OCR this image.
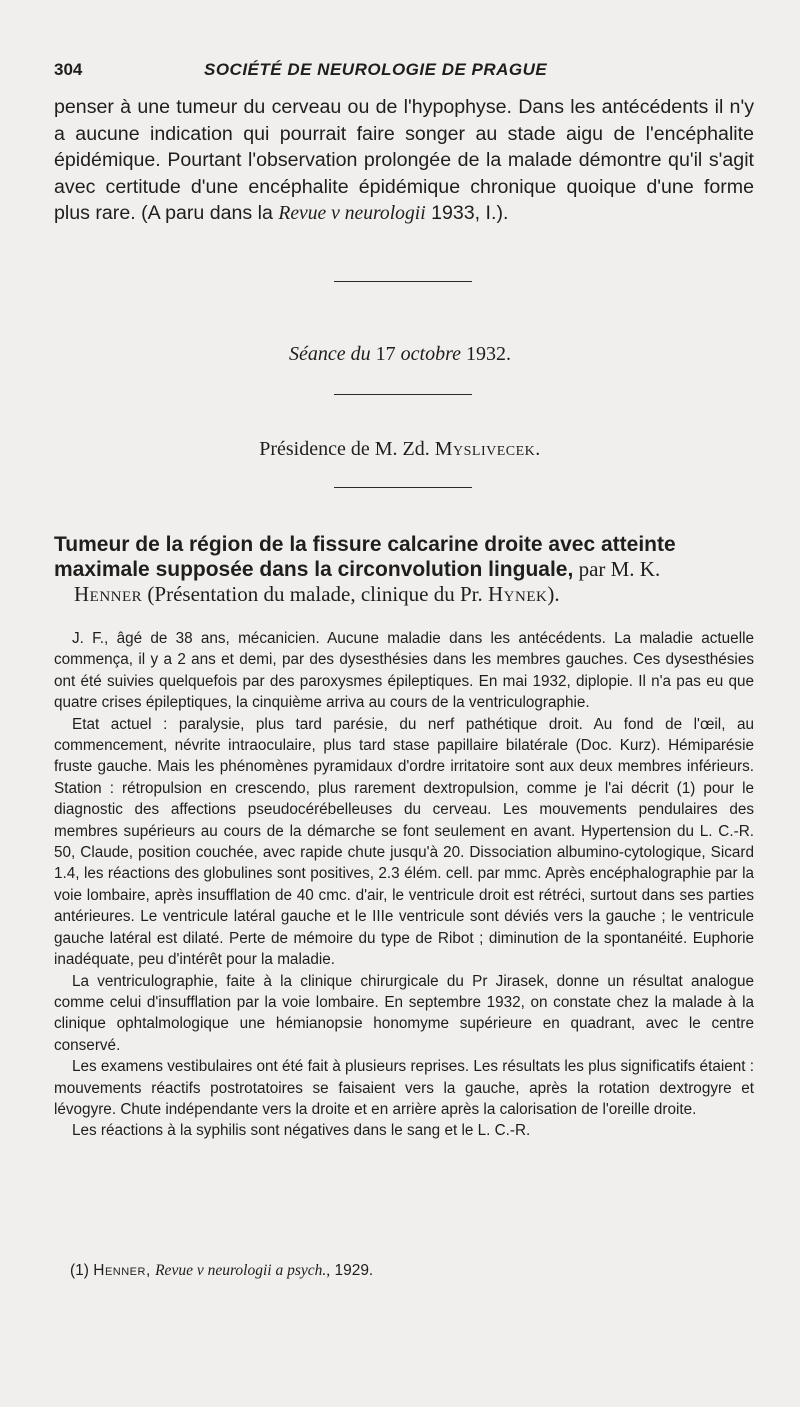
304	SOCIÉTÉ DE NEUROLOGIE DE PRAGUE

penser à une tumeur du cerveau ou de l'hypophyse. Dans les antécédents il n'y a aucune indication qui pourrait faire songer au stade aigu de l'encéphalite épidémique. Pourtant l'observation prolongée de la malade démontre qu'il s'agit avec certitude d'une encéphalite épidémique chronique quoique d'une forme plus rare. (A paru dans la Revue v neurologii 1933, I.).

Séance du 17 octobre 1932.
Présidence de M. Zd. Myslivecek.
Tumeur de la région de la fissure calcarine droite avec atteinte maximale supposée dans la circonvolution linguale, par M. K.
Henner (Présentation du malade, clinique du Pr. Hynek).

J. F., âgé de 38 ans, mécanicien. Aucune maladie dans les antécédents. La maladie actuelle commença, il y a 2 ans et demi, par des dysesthésies dans les membres gauches. Ces dysesthésies ont été suivies quelquefois par des paroxysmes épileptiques. En mai 1932, diplopie. Il n'a pas eu que quatre crises épileptiques, la cinquième arriva au cours de la ventriculographie.

Etat actuel : paralysie, plus tard parésie, du nerf pathétique droit. Au fond de l'œil, au commencement, névrite intraoculaire, plus tard stase papillaire bilatérale (Doc. Kurz). Hémiparésie fruste gauche. Mais les phénomènes pyramidaux d'ordre irritatoire sont aux deux membres inférieurs. Station : rétropulsion en crescendo, plus rarement dextropulsion, comme je l'ai décrit (1) pour le diagnostic des affections pseudocérébelleuses du cerveau. Les mouvements pendulaires des membres supérieurs au cours de la démarche se font seulement en avant. Hypertension du L. C.-R. 50, Claude, position couchée, avec rapide chute jusqu'à 20. Dissociation albumino-cytologique, Sicard 1.4, les réactions des globulines sont positives, 2.3 élém. cell. par mmc. Après encéphalographie par la voie lombaire, après insufflation de 40 cmc. d'air, le ventricule droit est rétréci, surtout dans ses parties antérieures. Le ventricule latéral gauche et le IIIe ventricule sont déviés vers la gauche ; le ventricule gauche latéral est dilaté. Perte de mémoire du type de Ribot ; diminution de la spontanéité. Euphorie inadéquate, peu d'intérêt pour la maladie.

La ventriculographie, faite à la clinique chirurgicale du Pr Jirasek, donne un résultat analogue comme celui d'insufflation par la voie lombaire. En septembre 1932, on constate chez la malade à la clinique ophtalmologique une hémianopsie honomyme supérieure en quadrant, avec le centre conservé.

Les examens vestibulaires ont été fait à plusieurs reprises. Les résultats les plus significatifs étaient : mouvements réactifs postrotatoires se faisaient vers la gauche, après la rotation dextrogyre et lévogyre. Chute indépendante vers la droite et en arrière après la calorisation de l'oreille droite.

Les réactions à la syphilis sont négatives dans le sang et le L. C.-R.

(1) Henner, Revue v neurologii a psych., 1929.
